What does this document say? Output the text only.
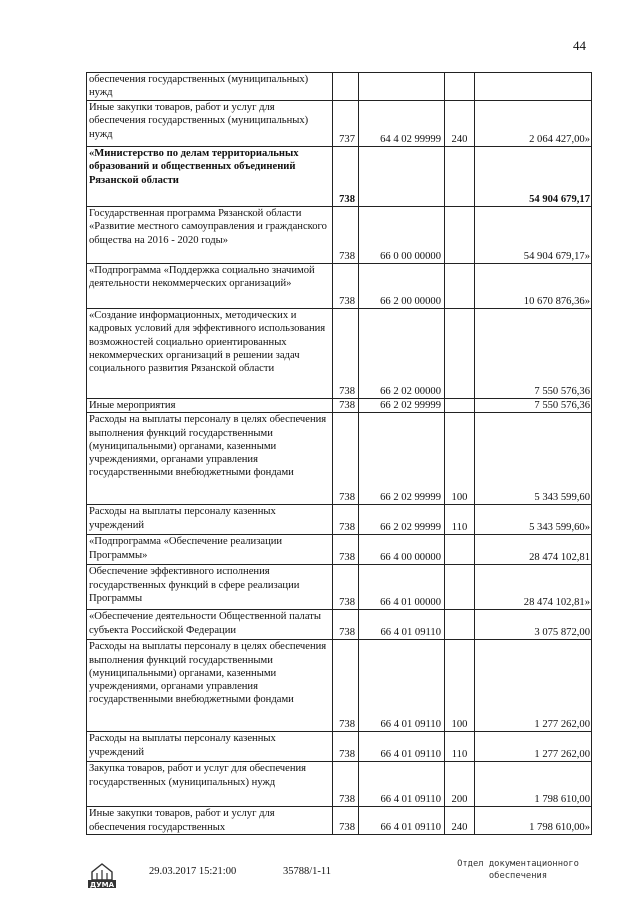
44
обеспечения государственных (муниципальных) нужд				
Иные закупки товаров, работ и услуг для обеспечения государственных (муниципальных) нужд	737	64 4 02 99999	240	2 064 427,00»
«Министерство по делам территориальных образований и общественных объединений Рязанской области	738			54 904 679,17
Государственная программа Рязанской области «Развитие местного самоуправления и гражданского общества на 2016 - 2020 годы»	738	66 0 00 00000		54 904 679,17»
«Подпрограмма «Поддержка социально значимой деятельности некоммерческих организаций»	738	66 2 00 00000		10 670 876,36»
«Создание информационных, методических и кадровых условий для эффективного использования возможностей социально ориентированных некоммерческих организаций в решении задач социального развития Рязанской области	738	66 2 02 00000		7 550 576,36
Иные мероприятия	738	66 2 02 99999		7 550 576,36
Расходы на выплаты персоналу в целях обеспечения выполнения функций государственными (муниципальными) органами, казенными учреждениями, органами управления государственными внебюджетными фондами	738	66 2 02 99999	100	5 343 599,60
Расходы на выплаты персоналу казенных учреждений	738	66 2 02 99999	110	5 343 599,60»
«Подпрограмма «Обеспечение реализации Программы»	738	66 4 00 00000		28 474 102,81
Обеспечение эффективного исполнения государственных функций в сфере реализации Программы	738	66 4 01 00000		28 474 102,81»
«Обеспечение деятельности Общественной палаты субъекта Российской Федерации	738	66 4 01 09110		3 075 872,00
Расходы на выплаты персоналу в целях обеспечения выполнения функций государственными (муниципальными) органами, казенными учреждениями, органами управления государственными внебюджетными фондами	738	66 4 01 09110	100	1 277 262,00
Расходы на выплаты персоналу казенных учреждений	738	66 4 01 09110	110	1 277 262,00
Закупка товаров, работ и услуг для обеспечения государственных (муниципальных) нужд	738	66 4 01 09110	200	1 798 610,00
Иные закупки товаров, работ и услуг для обеспечения государственных	738	66 4 01 09110	240	1 798 610,00»
ДУМА
29.03.2017 15:21:00	35788/1-11
Отдел документационного
обеспечения
